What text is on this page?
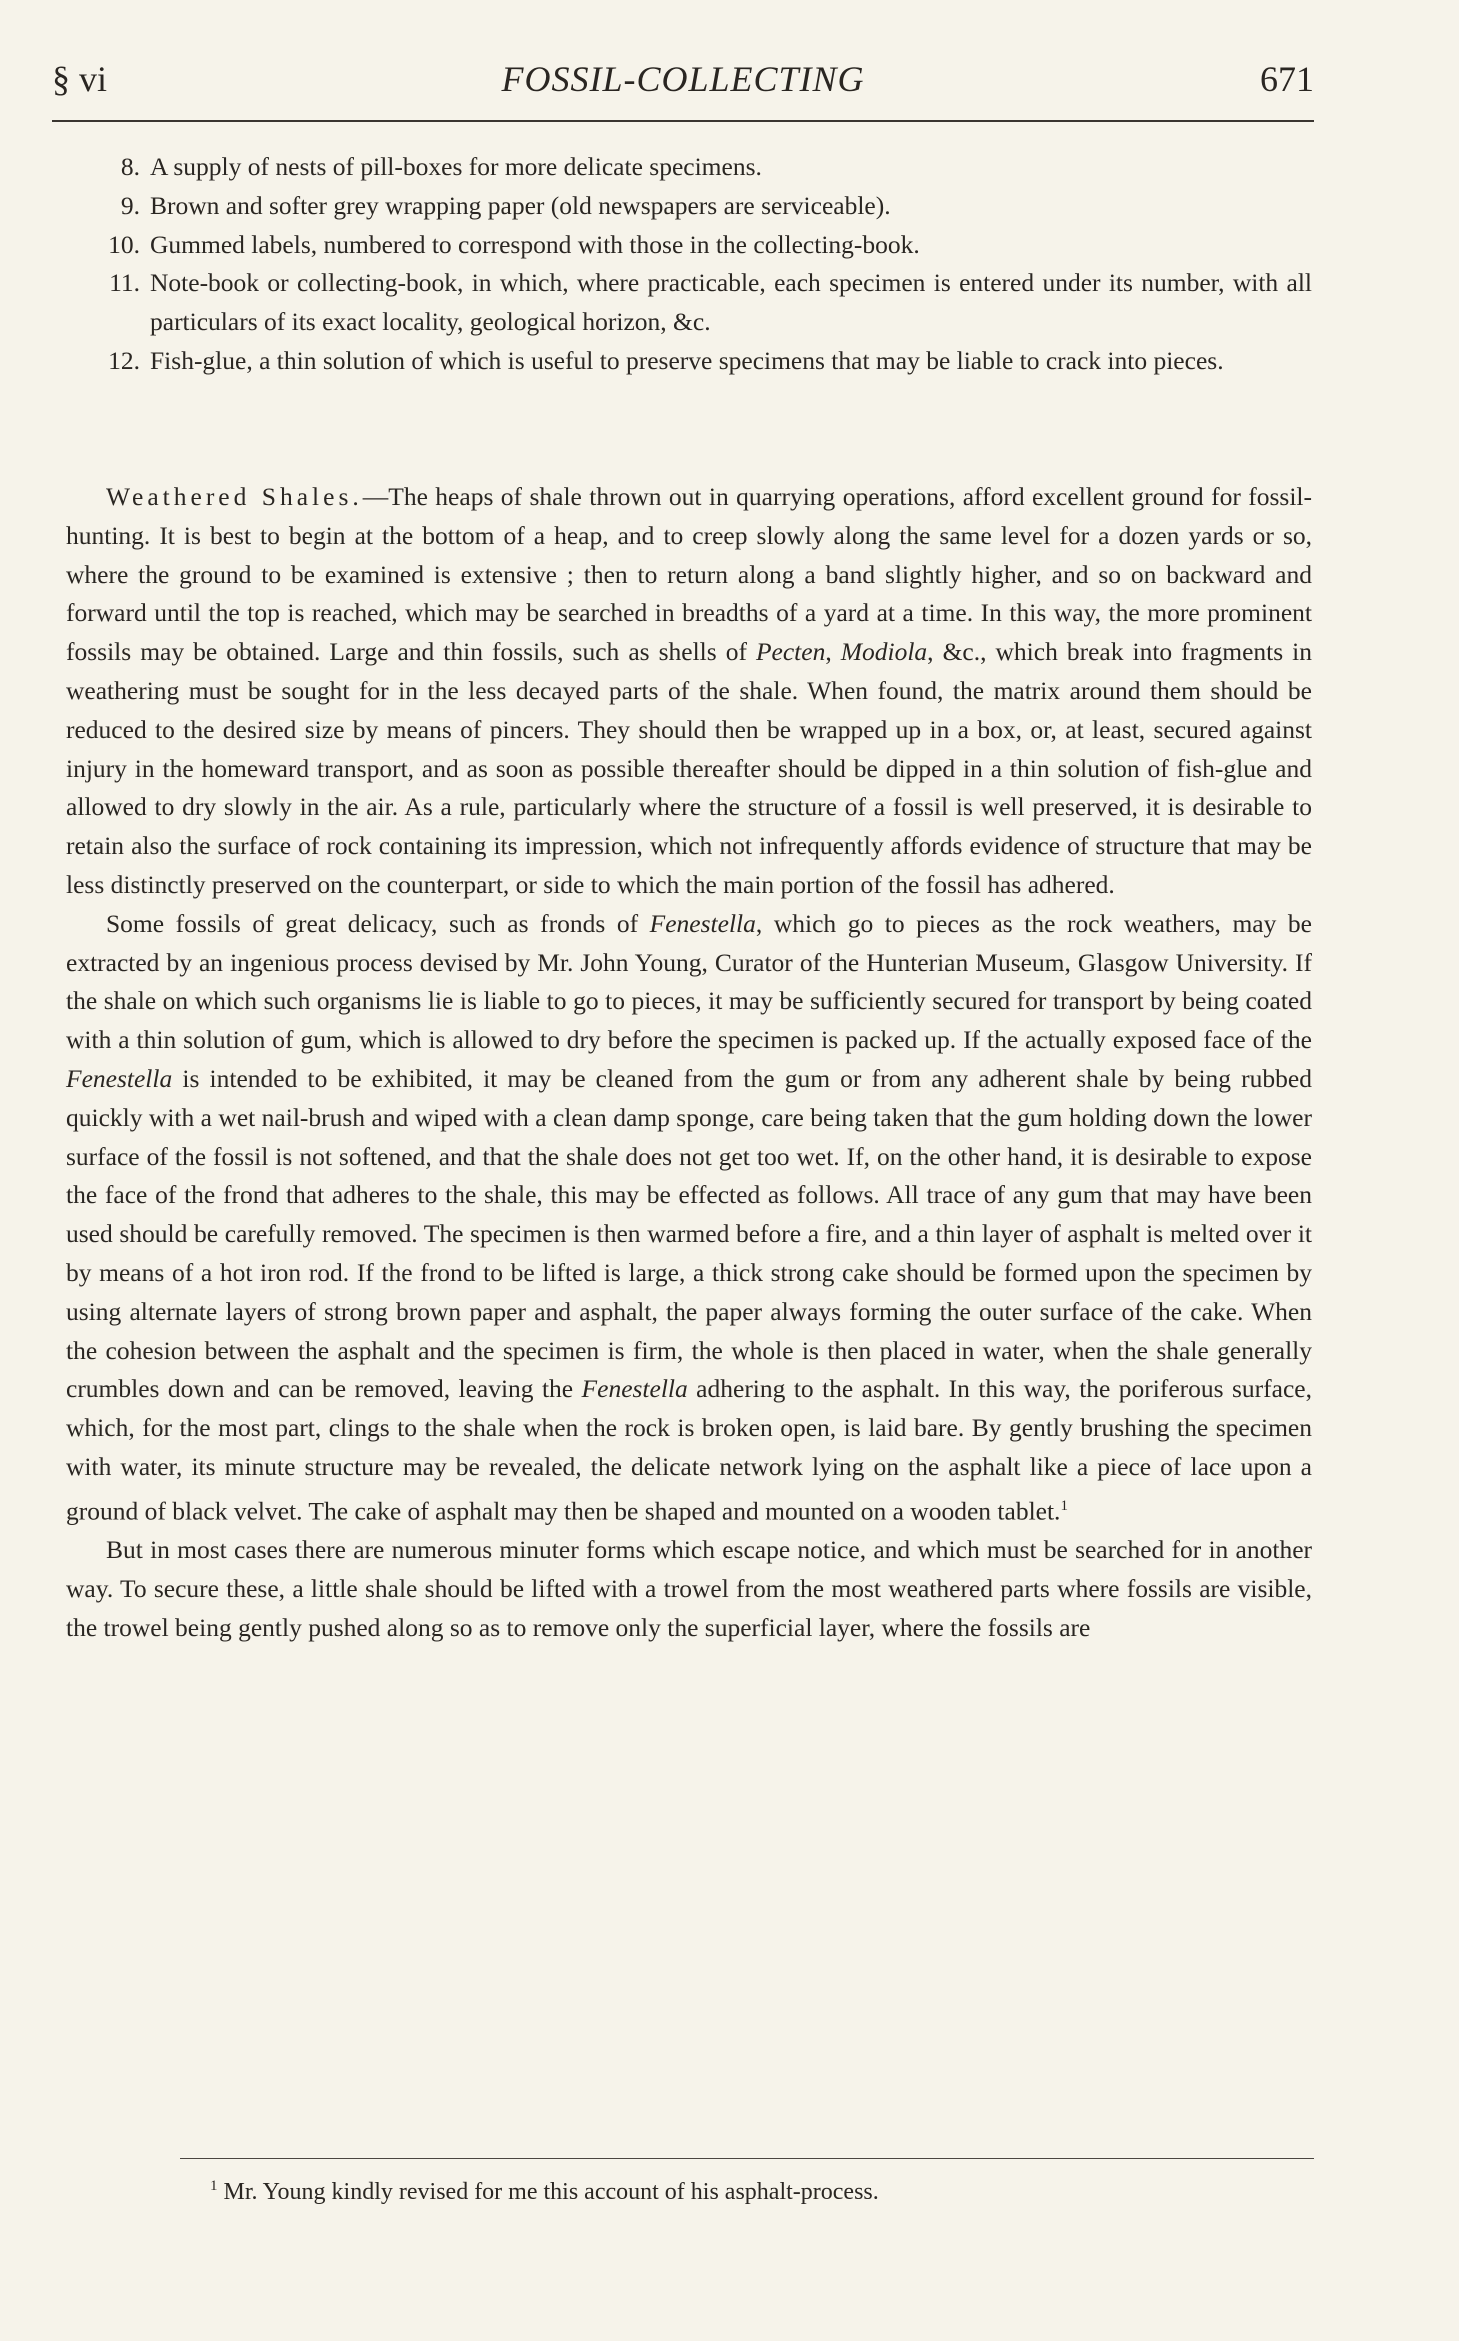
§ vi	FOSSIL-COLLECTING	671
8. A supply of nests of pill-boxes for more delicate specimens.
9. Brown and softer grey wrapping paper (old newspapers are serviceable).
10. Gummed labels, numbered to correspond with those in the collecting-book.
11. Note-book or collecting-book, in which, where practicable, each specimen is entered under its number, with all particulars of its exact locality, geological horizon, &c.
12. Fish-glue, a thin solution of which is useful to preserve specimens that may be liable to crack into pieces.

Weathered Shales.—The heaps of shale thrown out in quarrying operations, afford excellent ground for fossil-hunting. It is best to begin at the bottom of a heap, and to creep slowly along the same level for a dozen yards or so, where the ground to be examined is extensive ; then to return along a band slightly higher, and so on backward and forward until the top is reached, which may be searched in breadths of a yard at a time. In this way, the more prominent fossils may be obtained. Large and thin fossils, such as shells of Pecten, Modiola, &c., which break into fragments in weathering must be sought for in the less decayed parts of the shale. When found, the matrix around them should be reduced to the desired size by means of pincers. They should then be wrapped up in a box, or, at least, secured against injury in the homeward transport, and as soon as possible thereafter should be dipped in a thin solution of fish-glue and allowed to dry slowly in the air. As a rule, particularly where the structure of a fossil is well preserved, it is desirable to retain also the surface of rock containing its impression, which not infrequently affords evidence of structure that may be less distinctly preserved on the counterpart, or side to which the main portion of the fossil has adhered.

Some fossils of great delicacy, such as fronds of Fenestella, which go to pieces as the rock weathers, may be extracted by an ingenious process devised by Mr. John Young, Curator of the Hunterian Museum, Glasgow University. If the shale on which such organisms lie is liable to go to pieces, it may be sufficiently secured for transport by being coated with a thin solution of gum, which is allowed to dry before the specimen is packed up. If the actually exposed face of the Fenestella is intended to be exhibited, it may be cleaned from the gum or from any adherent shale by being rubbed quickly with a wet nail-brush and wiped with a clean damp sponge, care being taken that the gum holding down the lower surface of the fossil is not softened, and that the shale does not get too wet. If, on the other hand, it is desirable to expose the face of the frond that adheres to the shale, this may be effected as follows. All trace of any gum that may have been used should be carefully removed. The specimen is then warmed before a fire, and a thin layer of asphalt is melted over it by means of a hot iron rod. If the frond to be lifted is large, a thick strong cake should be formed upon the specimen by using alternate layers of strong brown paper and asphalt, the paper always forming the outer surface of the cake. When the cohesion between the asphalt and the specimen is firm, the whole is then placed in water, when the shale generally crumbles down and can be removed, leaving the Fenestella adhering to the asphalt. In this way, the poriferous surface, which, for the most part, clings to the shale when the rock is broken open, is laid bare. By gently brushing the specimen with water, its minute structure may be revealed, the delicate network lying on the asphalt like a piece of lace upon a ground of black velvet. The cake of asphalt may then be shaped and mounted on a wooden tablet.$^1$

But in most cases there are numerous minuter forms which escape notice, and which must be searched for in another way. To secure these, a little shale should be lifted with a trowel from the most weathered parts where fossils are visible, the trowel being gently pushed along so as to remove only the superficial layer, where the fossils are

$^1$ Mr. Young kindly revised for me this account of his asphalt-process.
